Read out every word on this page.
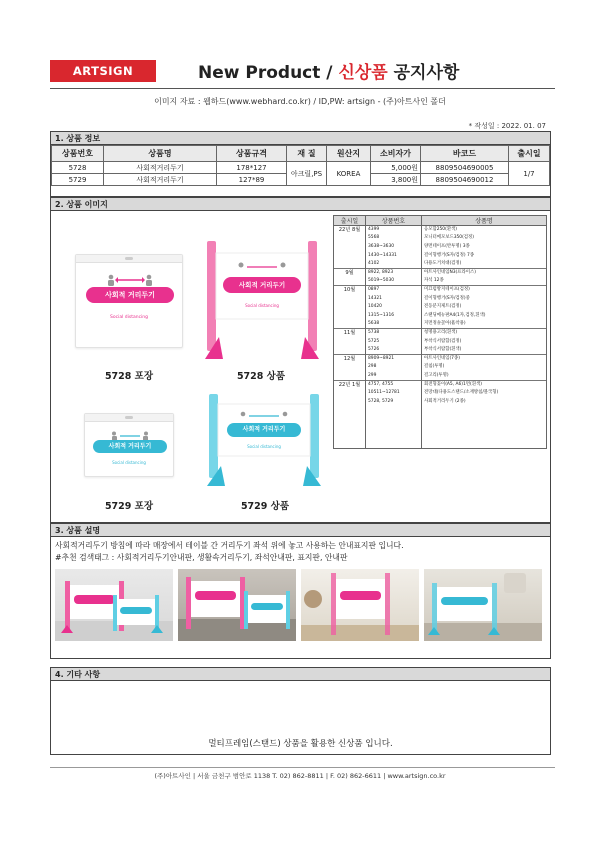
ARTSIGN	New Product / 신상품 공지사항
이미지 자료 : 웹하드(www.webhard.co.kr) / ID,PW: artsign - (주)아트사인 폴더
* 작성일 : 2022. 01. 07
1. 상품 정보
상품번호	상품명	상품규격	재 질	원산지	소비자가	바코드	출시일
5728	사회적거리두기	178*127	아크릴,PS	KOREA	5,000원	8809504690005	1/7
5729	사회적거리두기	127*89			3,800원	8809504690012	
2. 상품 이미지
사회적 거리두기
Social distancing
5728 포장
사회적 거리두기
Social distancing
5728 상품
사회적 거리두기
Social distancing
5729 포장
사회적 거리두기
Social distancing
5729 상품
출시일	상품번호	상품명
22년 8월	4399	응모함250(환색)
	5568	모니터메모보드350(검정)
	3638~3630	양면테이프(반투명) 3종
	1430~14331	걸이형행거(S자/검정) 7종
	4102	다용도거치대(검정)
9월	8922, 8923	아트사인네임N3(프라이스)
	5019~5030	자석 12종
10월	0897	미끄럼방지테이프(검정)
	14321	걸이형행거(S자/검정)중
	10420	전동분지제트(검정)
	1315~1316	스탠딩메뉴판A4(1자,검정,흰색)
	5638	지면정솔꽃아(흡착용)
11월	5738	청명용고리(흰색)
	5725	부착식서랍함(검정)
	5726	부착식서랍함(흰색)
12월	8909~8921	아트사인네임(7종)
	298	걸침(투명)
	299	걸고리(투명)
22년 1월	4757, 4755	회전형꽂이(A5, A6)1면(흰색)
	10511~12781	전망대(다용도스탠드/소재방침/블국형)
	5728, 5729	사회적거리두기 (2종)

3. 상품 설명
사회적거리두기 방침에 따라 매장에서 테이블 간 거리두기 좌석 위에 놓고 사용하는 안내표지판 입니다.
#추천 검색태그 : 사회적거리두기안내판, 생활속거리두기, 좌석안내판, 표지판, 안내판
4. 기타 사항
멀티프레임(스탠드) 상품을 활용한 신상품 입니다.
(주)아트사인 | 서울 금천구 범안로 1138 T. 02) 862-8811 | F. 02) 862-6611 | www.artsign.co.kr
